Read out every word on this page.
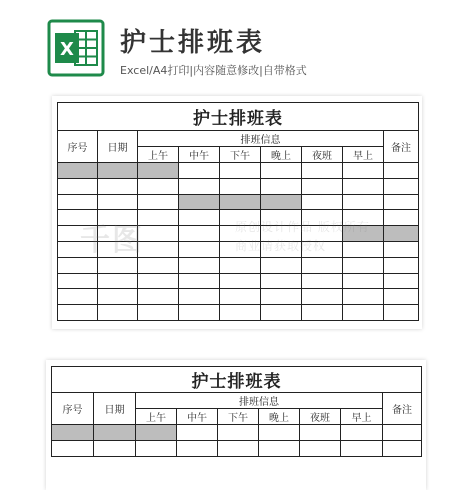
X 护士排班表
Excel/A4打印|内容随意修改|自带格式
护士排班表								
序号	日期	排班信息						备注
		上午	中午	下午	晚上	夜班	早上	

护士排班表								
序号	日期	排班信息						备注
		上午	中午	下午	晚上	夜班	早上	
